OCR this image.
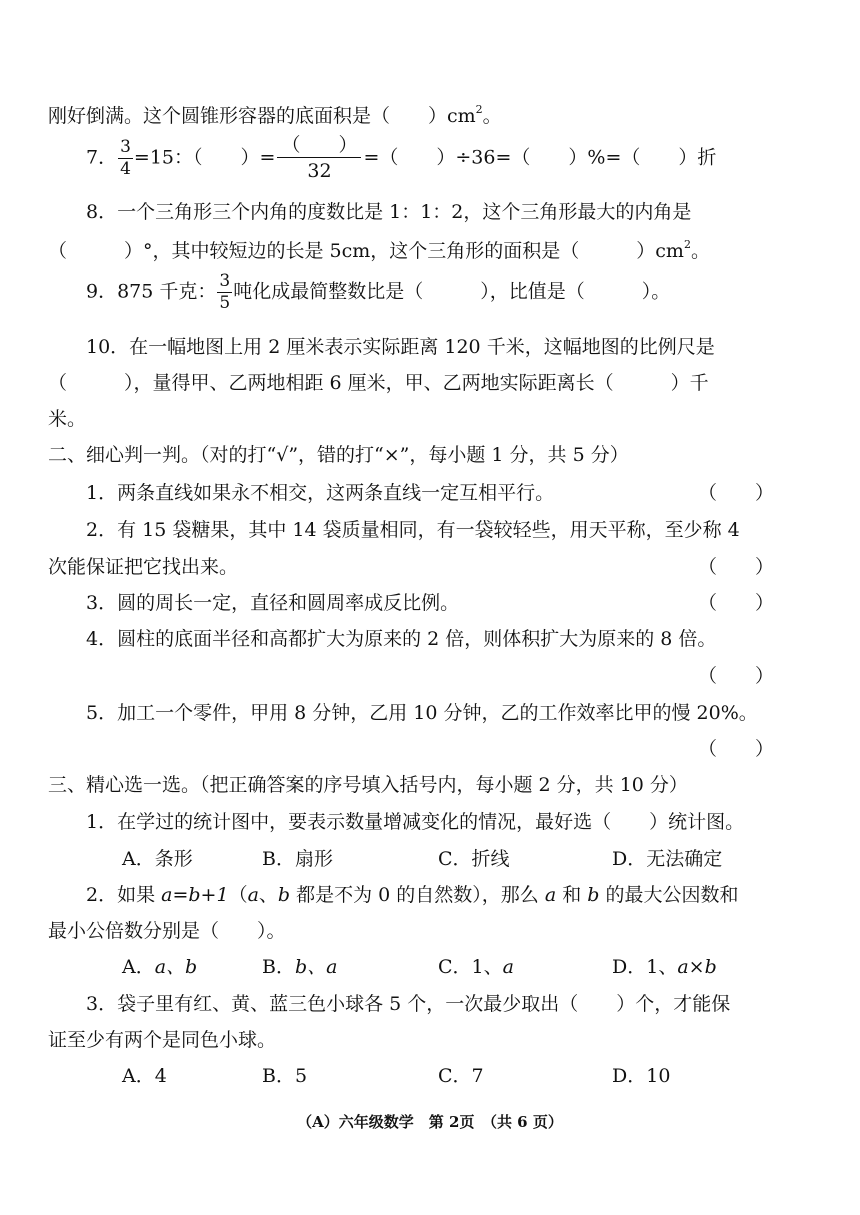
刚好倒满。这个圆锥形容器的底面积是（　　）$cm^2$。
7． $\frac{3}{4} =15$：（　　）=
（　　）
32
=（　　）÷36=（　　）%=（　　）折
8．一个三角形三个内角的度数比是 1：1：2，这个三角形最大的内角是
（　　　）°，其中较短边的长是 5cm，这个三角形的面积是（　　　）$cm^2$。
9．875 千克： $\frac{3}{5}$ 吨化成最简整数比是（　　　），比值是（　　　）。
10．在一幅地图上用 2 厘米表示实际距离 120 千米，这幅地图的比例尺是
（　　　），量得甲、乙两地相距 6 厘米，甲、乙两地实际距离长（　　　）千
米。
二、细心判一判。（对的打“√”，错的打“×”，每小题 1 分，共 5 分）
1．两条直线如果永不相交，这两条直线一定互相平行。	（　　）
2．有 15 袋糖果，其中 14 袋质量相同，有一袋较轻些，用天平称，至少称 4
次能保证把它找出来。	（　　）
3．圆的周长一定，直径和圆周率成反比例。	（　　）
4．圆柱的底面半径和高都扩大为原来的 2 倍，则体积扩大为原来的 8 倍。
（　　）
5．加工一个零件，甲用 8 分钟，乙用 10 分钟，乙的工作效率比甲的慢 20%。
（　　）
三、精心选一选。（把正确答案的序号填入括号内，每小题 2 分，共 10 分）
1．在学过的统计图中，要表示数量增减变化的情况，最好选（　　）统计图。
A．条形	B．扇形	C．折线	D．无法确定
2．如果 a=b+1（a、b 都是不为 0 的自然数），那么 a 和 b 的最大公因数和
最小公倍数分别是（　　）。
A．a、b	B．b、a	C．1、a	D．1、a×b
3．袋子里有红、黄、蓝三色小球各 5 个，一次最少取出（　　）个，才能保
证至少有两个是同色小球。
A．4	B．5	C．7	D．10
（A）六年级数学　第 2页　（共 6 页）
